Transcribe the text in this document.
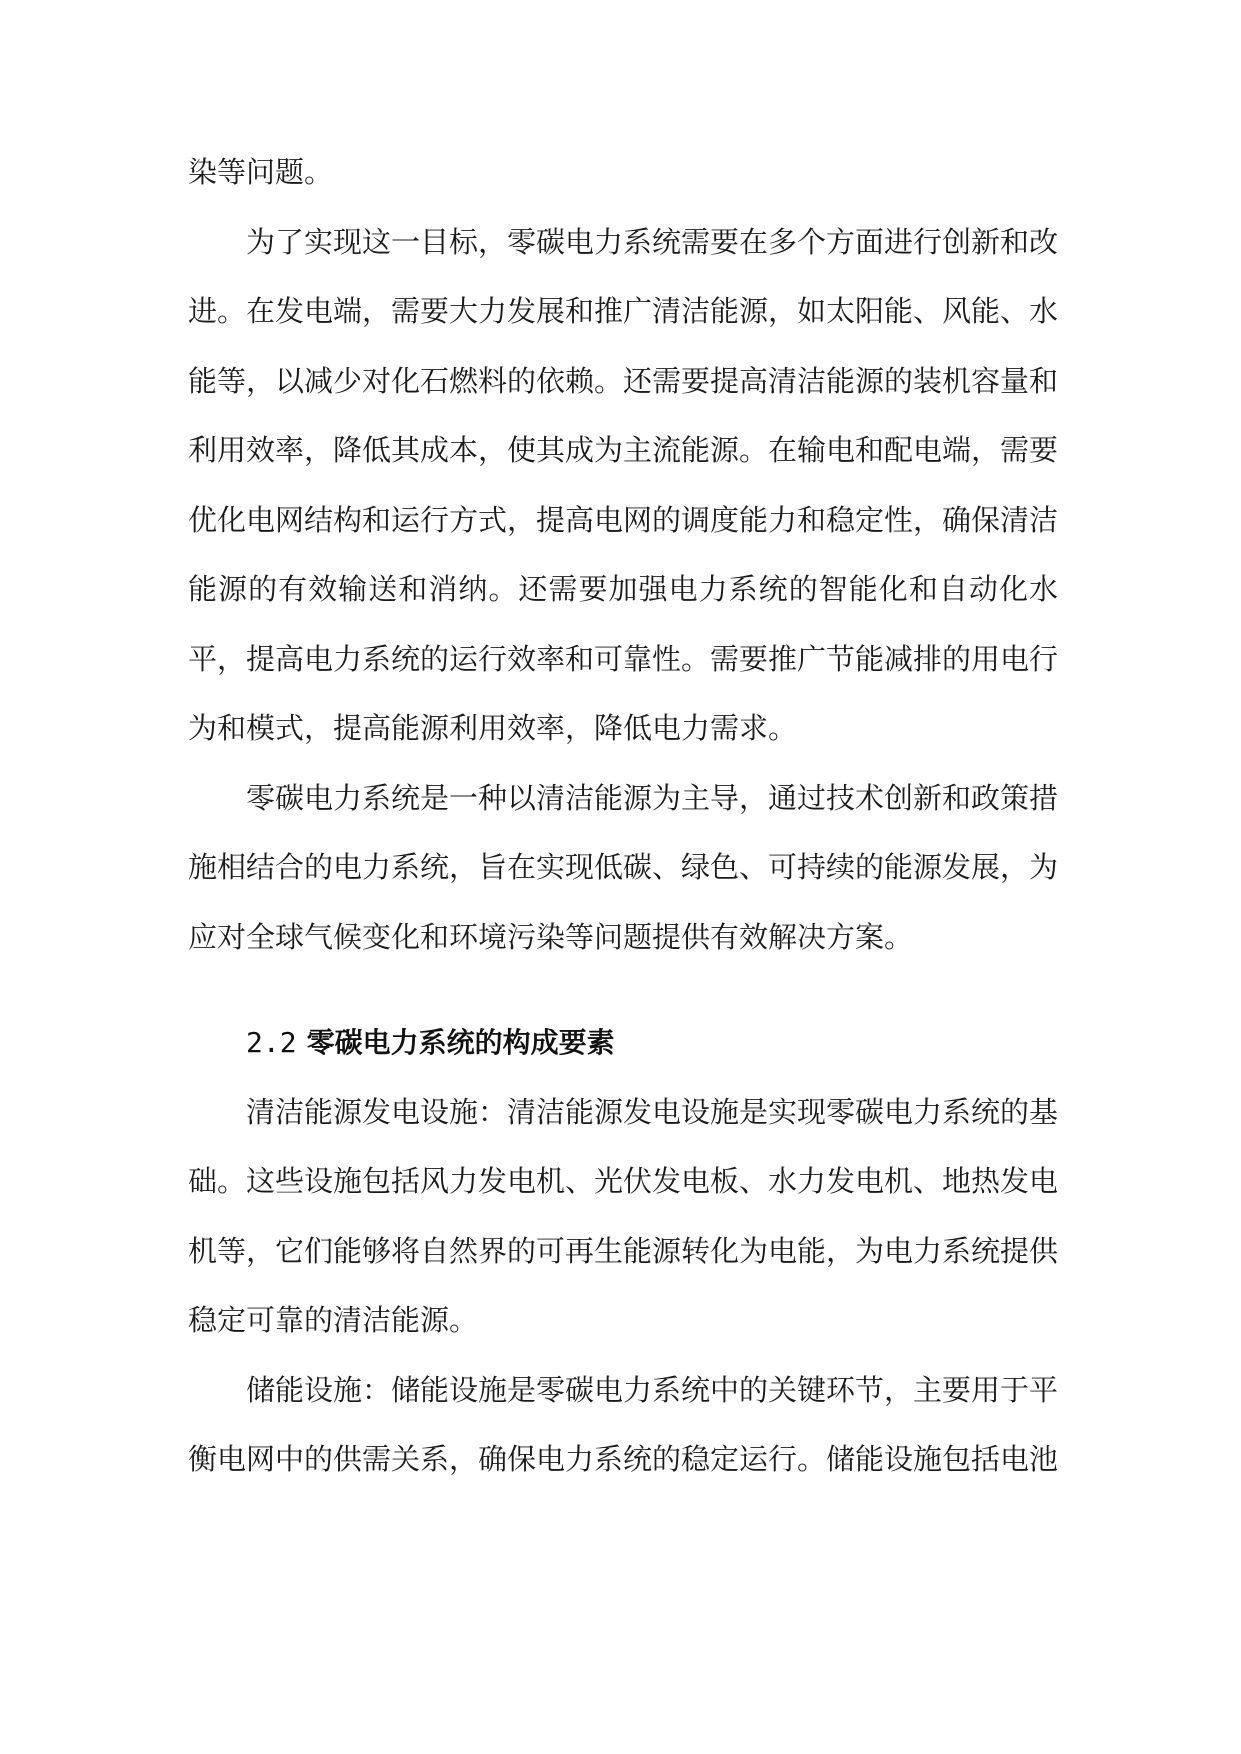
染等问题。

为了实现这一目标，零碳电力系统需要在多个方面进行创新和改进。在发电端，需要大力发展和推广清洁能源，如太阳能、风能、水能等，以减少对化石燃料的依赖。还需要提高清洁能源的装机容量和利用效率，降低其成本，使其成为主流能源。在输电和配电端，需要优化电网结构和运行方式，提高电网的调度能力和稳定性，确保清洁能源的有效输送和消纳。还需要加强电力系统的智能化和自动化水平，提高电力系统的运行效率和可靠性。需要推广节能减排的用电行为和模式，提高能源利用效率，降低电力需求。

零碳电力系统是一种以清洁能源为主导，通过技术创新和政策措施相结合的电力系统，旨在实现低碳、绿色、可持续的能源发展，为应对全球气候变化和环境污染等问题提供有效解决方案。

2.2 零碳电力系统的构成要素

清洁能源发电设施：清洁能源发电设施是实现零碳电力系统的基础。这些设施包括风力发电机、光伏发电板、水力发电机、地热发电机等，它们能够将自然界的可再生能源转化为电能，为电力系统提供稳定可靠的清洁能源。

储能设施：储能设施是零碳电力系统中的关键环节，主要用于平衡电网中的供需关系，确保电力系统的稳定运行。储能设施包括电池
